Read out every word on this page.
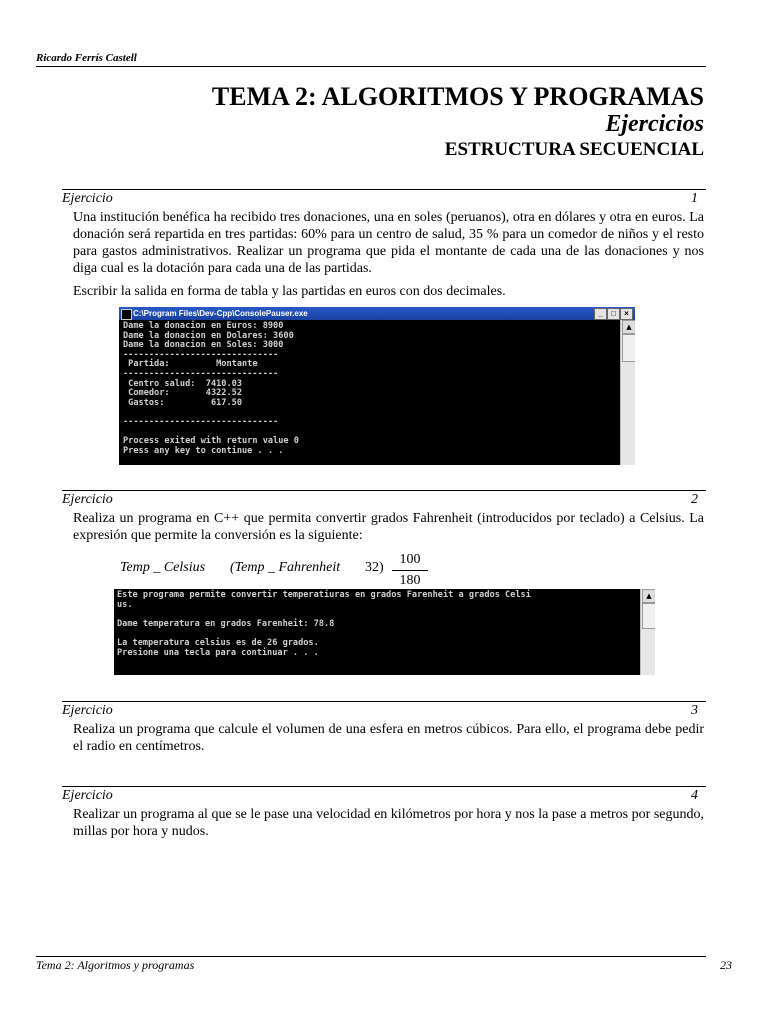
Ricardo Ferrís Castell
TEMA 2: ALGORITMOS Y PROGRAMAS
Ejercicios
ESTRUCTURA SECUENCIAL
Ejercicio	1
Una institución benéfica ha recibido tres donaciones, una en soles (peruanos), otra en dólares y otra en euros. La donación será repartida en tres partidas: 60% para un centro de salud, 35 % para un comedor de niños y el resto para gastos administrativos. Realizar un programa que pida el montante de cada una de las donaciones y nos diga cual es la dotación para cada una de las partidas.
Escribir la salida en forma de tabla y las partidas en euros con dos decimales.
C:\Program Files\Dev-Cpp\ConsolePauser.exe	_	□	×
Dame la donacion en Euros: 8900
Dame la donacion en Dolares: 3600
Dame la donacion en Soles: 3000
------------------------------
Partida:         Montante
------------------------------
Centro salud:  7410.03
Comedor:       4322.52
Gastos:         617.50

------------------------------

Process exited with return value 0
Press any key to continue . . .
▲
Ejercicio	2
Realiza un programa en C++ que permita convertir grados Fahrenheit (introducidos por teclado) a Celsius. La expresión que permite la conversión es la siguiente:
Temp _ Celsius (Temp _ Fahrenheit 32)
100
180
Este programa permite convertir temperatiuras en grados Farenheit a grados Celsi
us.

Dame temperatura en grados Farenheit: 78.8

La temperatura celsius es de 26 grados.
Presione una tecla para continuar . . .
▲
Ejercicio	3
Realiza un programa que calcule el volumen de una esfera en metros cúbicos. Para ello, el programa debe pedir el radio en centímetros.
Ejercicio	4
Realizar un programa al que se le pase una velocidad en kilómetros por hora y nos la pase a metros por segundo, millas por hora y nudos.
Tema 2: Algoritmos y programas	23
